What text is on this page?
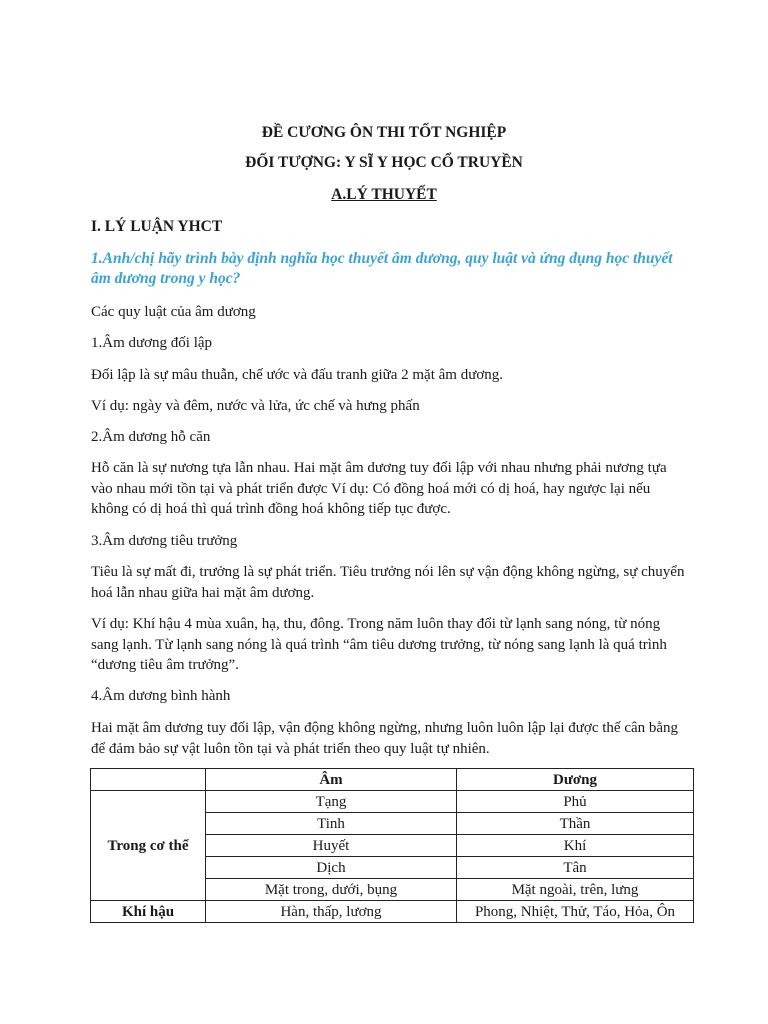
ĐỀ CƯƠNG ÔN THI TỐT NGHIỆP
ĐỐI TƯỢNG: Y SĨ Y HỌC CỔ TRUYỀN
A.LÝ THUYẾT
I. LÝ LUẬN YHCT
1.Anh/chị hãy trình bày định nghĩa học thuyết âm dương, quy luật và ứng dụng học thuyết âm dương trong y học?
Các quy luật của âm dương
1.Âm dương đối lập
Đối lập là sự mâu thuẫn, chế ước và đấu tranh giữa 2 mặt âm dương.
Ví dụ: ngày và đêm, nước và lửa, ức chế và hưng phấn
2.Âm dương hỗ căn
Hỗ căn là sự nương tựa lẫn nhau. Hai mặt âm dương tuy đối lập với nhau nhưng phải nương tựa vào nhau mới tồn tại và phát triển được Ví dụ: Có đồng hoá mới có dị hoá, hay ngược lại nếu không có dị hoá thì quá trình đồng hoá không tiếp tục được.
3.Âm dương tiêu trưởng
Tiêu là sự mất đi, trưởng là sự phát triển. Tiêu trưởng nói lên sự vận động không ngừng, sự chuyển hoá lẫn nhau giữa hai mặt âm dương.
Ví dụ: Khí hậu 4 mùa xuân, hạ, thu, đông. Trong năm luôn thay đổi từ lạnh sang nóng, từ nóng sang lạnh. Từ lạnh sang nóng là quá trình “âm tiêu dương trưởng, từ nóng sang lạnh là quá trình “dương tiêu âm trưởng”.
4.Âm dương bình hành
Hai mặt âm dương tuy đối lập, vận động không ngừng, nhưng luôn luôn lập lại được thế cân bằng để đảm bảo sự vật luôn tồn tại và phát triển theo quy luật tự nhiên.
	Âm	Dương
Trong cơ thể	Tạng	Phủ
	Tinh	Thần
	Huyết	Khí
	Dịch	Tân
	Mặt trong, dưới, bụng	Mặt ngoài, trên, lưng
Khí hậu	Hàn, thấp, lương	Phong, Nhiệt, Thử, Táo, Hỏa, Ôn
